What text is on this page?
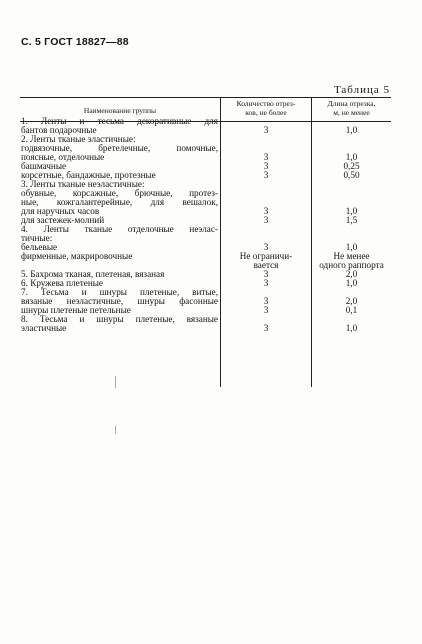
С. 5 ГОСТ 18827—88
Таблица 5
Наименование группы
Количество отрез-
ков, не более
Длина отрезка,
м, не менее
1. Ленты и тесьма декоративные для
бантов подарочные
2. Ленты тканые эластичные:
годвязочные, бретелечные, помочные,
поясные, отделочные
башмачные
корсетные, бандажные, протезные
3. Ленты тканые неэластичные:
обувные, корсажные, брючные, протез-
ные, кожгалантерейные, для вешалок,
для наручных часов
для застежек-молний
4. Ленты тканые отделочные неэлас-
тичные:
бельевые
фирменные, макрировочные
5. Бахрома тканая, плетеная, вязаная
6. Кружева плетеные
7. Тесьма и шнуры плетеные, витые,
вязаные неэластичные, шнуры фасонные
шнуры плетеные петельные
8. Тесьма и шнуры плетеные, вязаные
эластичные
3
3
3
3
3
3
3
Не ограничи-
вается
3
3
3
3
3
1,0
1,0
0,25
0,50
1,0
1,5
1,0
Не менее
одного раппорта
2,0
1,0
2,0
0,1
1,0
